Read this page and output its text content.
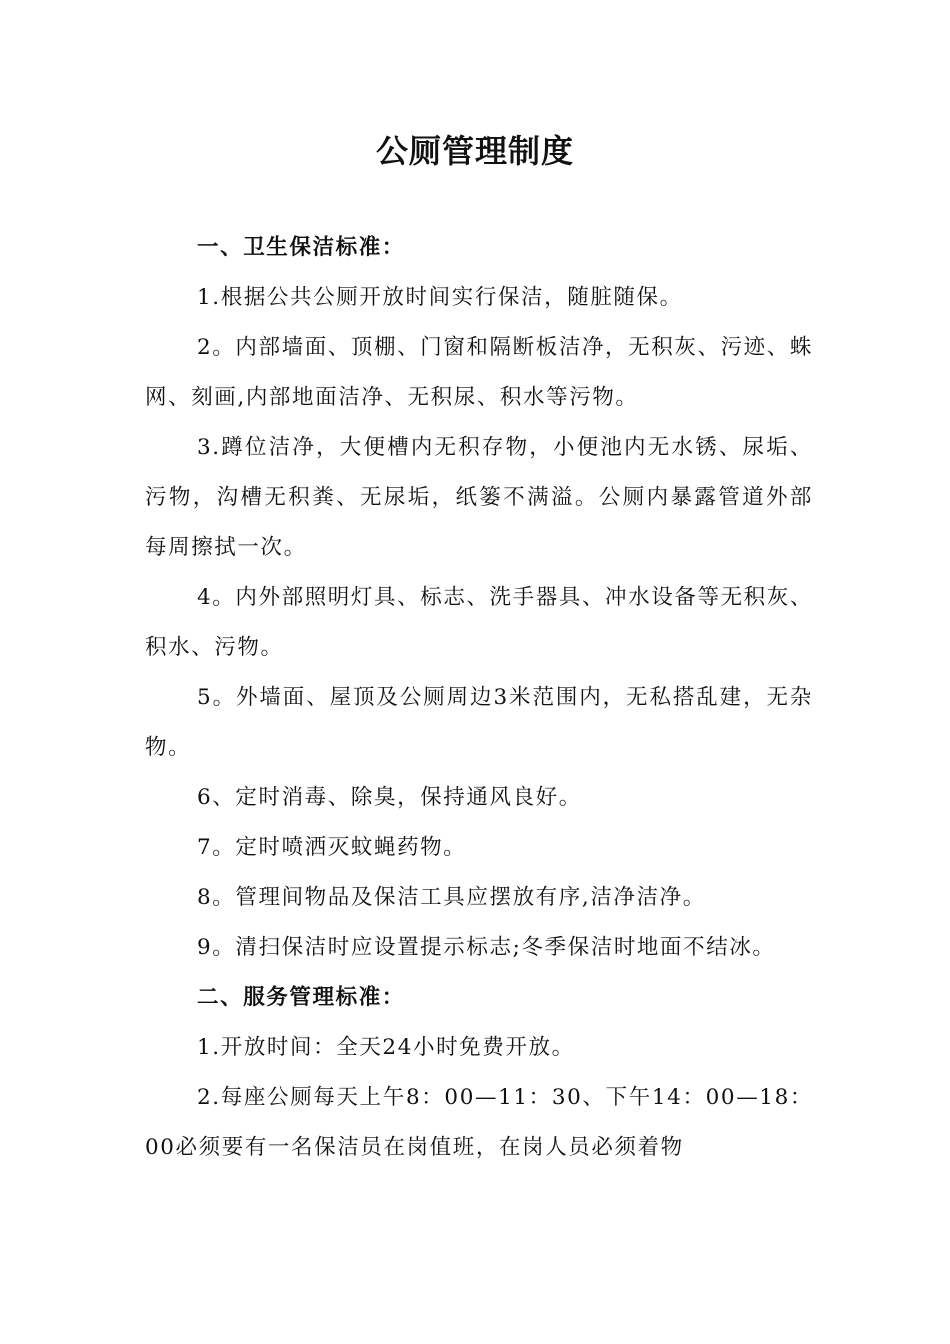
公厕管理制度
一、卫生保洁标准：

1.根据公共公厕开放时间实行保洁，随脏随保。

2。内部墙面、顶棚、门窗和隔断板洁净，无积灰、污迹、蛛网、刻画,内部地面洁净、无积尿、积水等污物。

3.蹲位洁净，大便槽内无积存物，小便池内无水锈、尿垢、污物，沟槽无积粪、无尿垢，纸篓不满溢。公厕内暴露管道外部每周擦拭一次。

4。内外部照明灯具、标志、洗手器具、冲水设备等无积灰、积水、污物。

5。外墙面、屋顶及公厕周边3米范围内，无私搭乱建，无杂物。

6、定时消毒、除臭，保持通风良好。

7。定时喷洒灭蚊蝇药物。

8。管理间物品及保洁工具应摆放有序,洁净洁净。

9。清扫保洁时应设置提示标志;冬季保洁时地面不结冰。

二、服务管理标准：

1.开放时间：全天24小时免费开放。

2.每座公厕每天上午8：00—11：30、下午14：00—18：00必须要有一名保洁员在岗值班，在岗人员必须着物
